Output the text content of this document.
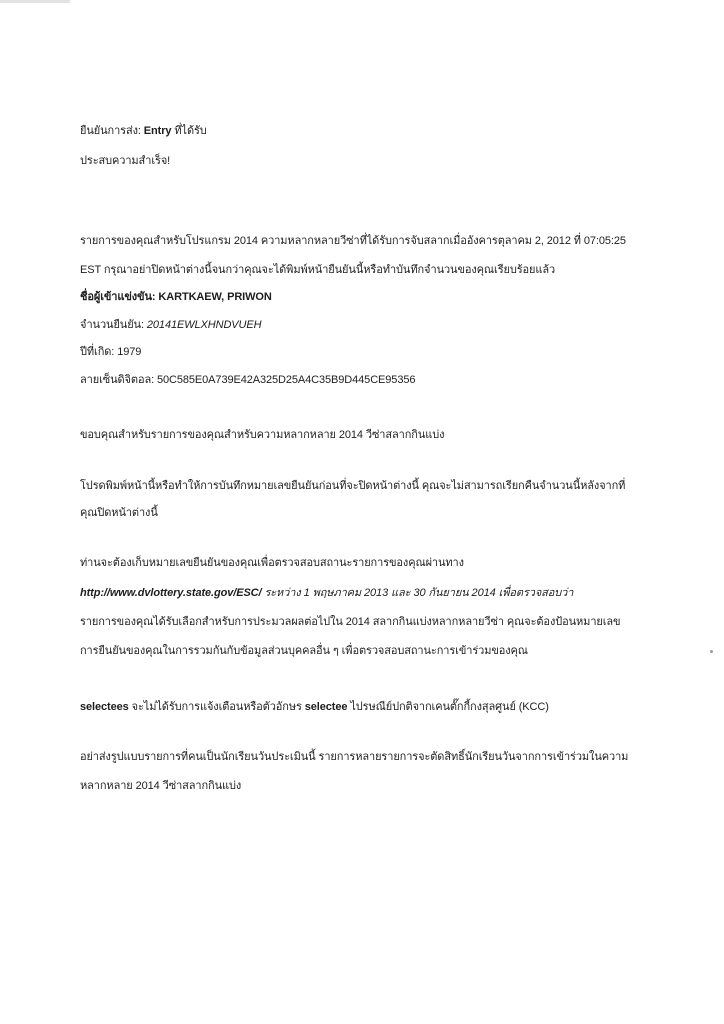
ยืนยันการส่ง: Entry ที่ได้รับ
ประสบความสำเร็จ!
รายการของคุณสำหรับโปรแกรม 2014 ความหลากหลายวีซ่าที่ได้รับการจับสลากเมื่ออังคารตุลาคม 2, 2012 ที่ 07:05:25
EST กรุณาอย่าปิดหน้าต่างนี้จนกว่าคุณจะได้พิมพ์หน้ายืนยันนี้หรือทำบันทึกจำนวนของคุณเรียบร้อยแล้ว
ชื่อผู้เข้าแข่งขัน: KARTKAEW, PRIWON
จำนวนยืนยัน: 20141EWLXHNDVUEH
ปีที่เกิด: 1979
ลายเซ็นดิจิตอล: 50C585E0A739E42A325D25A4C35B9D445CE95356
ขอบคุณสำหรับรายการของคุณสำหรับความหลากหลาย 2014 วีซ่าสลากกินแบ่ง
โปรดพิมพ์หน้านี้หรือทำให้การบันทึกหมายเลขยืนยันก่อนที่จะปิดหน้าต่างนี้ คุณจะไม่สามารถเรียกคืนจำนวนนี้หลังจากที่
คุณปิดหน้าต่างนี้
ท่านจะต้องเก็บหมายเลขยืนยันของคุณเพื่อตรวจสอบสถานะรายการของคุณผ่านทาง
http://www.dvlottery.state.gov/ESC/ ระหว่าง 1 พฤษภาคม 2013 และ 30 กันยายน 2014 เพื่อตรวจสอบว่า
รายการของคุณได้รับเลือกสำหรับการประมวลผลต่อไปใน 2014 สลากกินแบ่งหลากหลายวีซ่า คุณจะต้องป้อนหมายเลข
การยืนยันของคุณในการรวมกันกับข้อมูลส่วนบุคคลอื่น ๆ เพื่อตรวจสอบสถานะการเข้าร่วมของคุณ
selectees จะไม่ได้รับการแจ้งเตือนหรือตัวอักษร selectee ไปรษณีย์ปกติจากเคนตั๊กกี้กงสุลศูนย์ (KCC)
อย่าส่งรูปแบบรายการที่คนเป็นนักเรียนวันประเมินนี้ รายการหลายรายการจะตัดสิทธิ์นักเรียนวันจากการเข้าร่วมในความ
หลากหลาย 2014 วีซ่าสลากกินแบ่ง
